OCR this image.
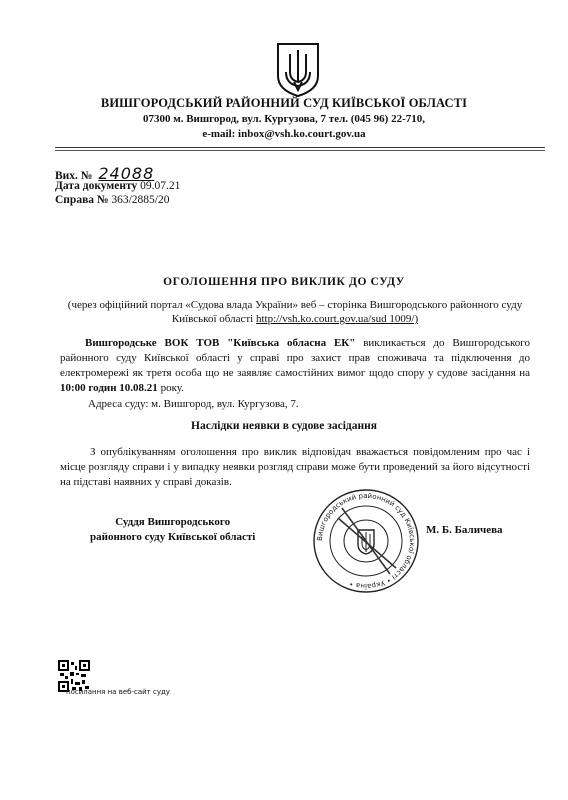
ВИШГОРОДСЬКИЙ РАЙОННИЙ СУД КИЇВСЬКОЇ ОБЛАСТІ
07300 м. Вишгород, вул. Кургузова, 7 тел. (045 96) 22-710,
e-mail: inbox@vsh.ko.court.gov.ua
Вих. № 24088
Дата документу 09.07.21
Справа № 363/2885/20
ОГОЛОШЕННЯ ПРО ВИКЛИК ДО СУДУ
(через офіційний портал «Судова влада України» веб – сторінка Вишгородського районного суду Київської області http://vsh.ko.court.gov.ua/sud 1009/)
Вишгородське ВОК ТОВ "Київська обласна ЕК" викликається до Вишгородського районного суду Київської області у справі про захист прав споживача та підключення до електромережі як третя особа що не заявляє самостійних вимог щодо спору у судове засідання на 10:00 годин 10.08.21 року.
Адреса суду: м. Вишгород, вул. Кургузова, 7.
Наслідки неявки в судове засідання
З опублікуванням оголошення про виклик відповідач вважається повідомленим про час і місце розгляду справи і у випадку неявки розгляд справи може бути проведений за його відсутності на підставі наявних у справі доказів.
Суддя Вишгородського
районного суду Київської області	Вишгородський районний суд Київської області • Україна •
М. Б. Баличева
посилання на веб-сайт суду
